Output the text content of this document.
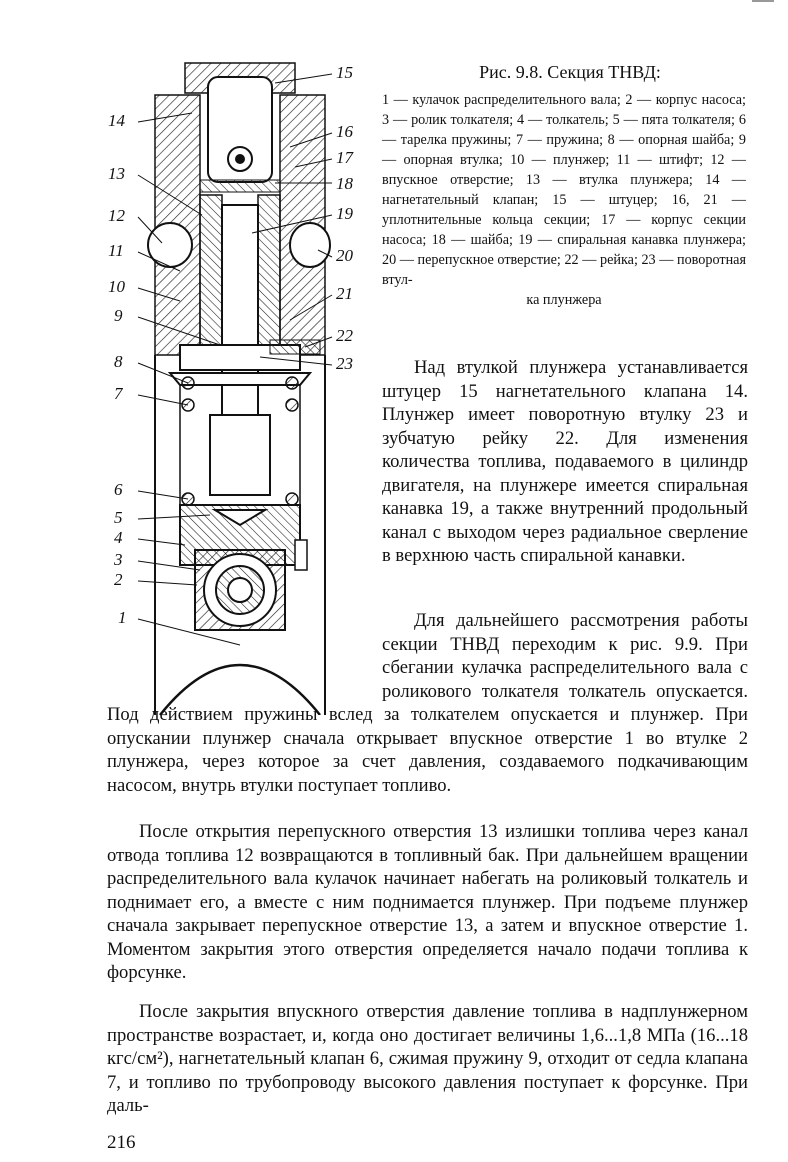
15
14
16
17
13
18
12	19
11	20
10	21
9
22
8	23
7
6
5
4
3
2
1
Рис. 9.8. Секция ТНВД:
1 — кулачок распределительного вала; 2 — корпус насоса; 3 — ролик толкателя; 4 — толкатель; 5 — пята толкателя; 6 — тарелка пружины; 7 — пружина; 8 — опорная шайба; 9 — опорная втулка; 10 — плунжер; 11 — штифт; 12 — впускное отверстие; 13 — втулка плунжера; 14 — нагнетательный клапан; 15 — штуцер; 16, 21 — уплотнительные кольца секции; 17 — корпус секции насоса; 18 — шайба; 19 — спиральная канавка плунжера; 20 — перепускное отверстие; 22 — рейка; 23 — поворотная втул-
ка плунжера
Над втулкой плунжера устанавливается штуцер 15 нагнетательного клапана 14. Плунжер имеет поворотную втулку 23 и зубчатую рейку 22. Для изменения количества топлива, подаваемого в цилиндр двигателя, на плунжере имеется спиральная канавка 19, а также внутренний продольный канал с выходом через радиальное сверление в верхнюю часть спиральной канавки.
Для дальнейшего рассмотрения работы секции ТНВД переходим к рис. 9.9. При сбегании кулачка распределительного вала с роликового толкателя толкатель опускается. Под действием пружины вслед за толкателем опускается и плунжер. При опускании плунжер сначала открывает впускное отверстие 1 во втулке 2 плунжера, через которое за счет давления, создаваемого подкачивающим насосом, внутрь втулки поступает топливо.
После открытия перепускного отверстия 13 излишки топлива через канал отвода топлива 12 возвращаются в топливный бак. При дальнейшем вращении распределительного вала кулачок начинает набегать на роликовый толкатель и поднимает его, а вместе с ним поднимается плунжер. При подъеме плунжер сначала закрывает перепускное отверстие 13, а затем и впускное отверстие 1. Моментом закрытия этого отверстия определяется начало подачи топлива к форсунке.
После закрытия впускного отверстия давление топлива в надплунжерном пространстве возрастает, и, когда оно достигает величины 1,6...1,8 МПа (16...18 кгс/см²), нагнетательный клапан 6, сжимая пружину 9, отходит от седла клапана 7, и топливо по трубопроводу высокого давления поступает к форсунке. При даль-
216
